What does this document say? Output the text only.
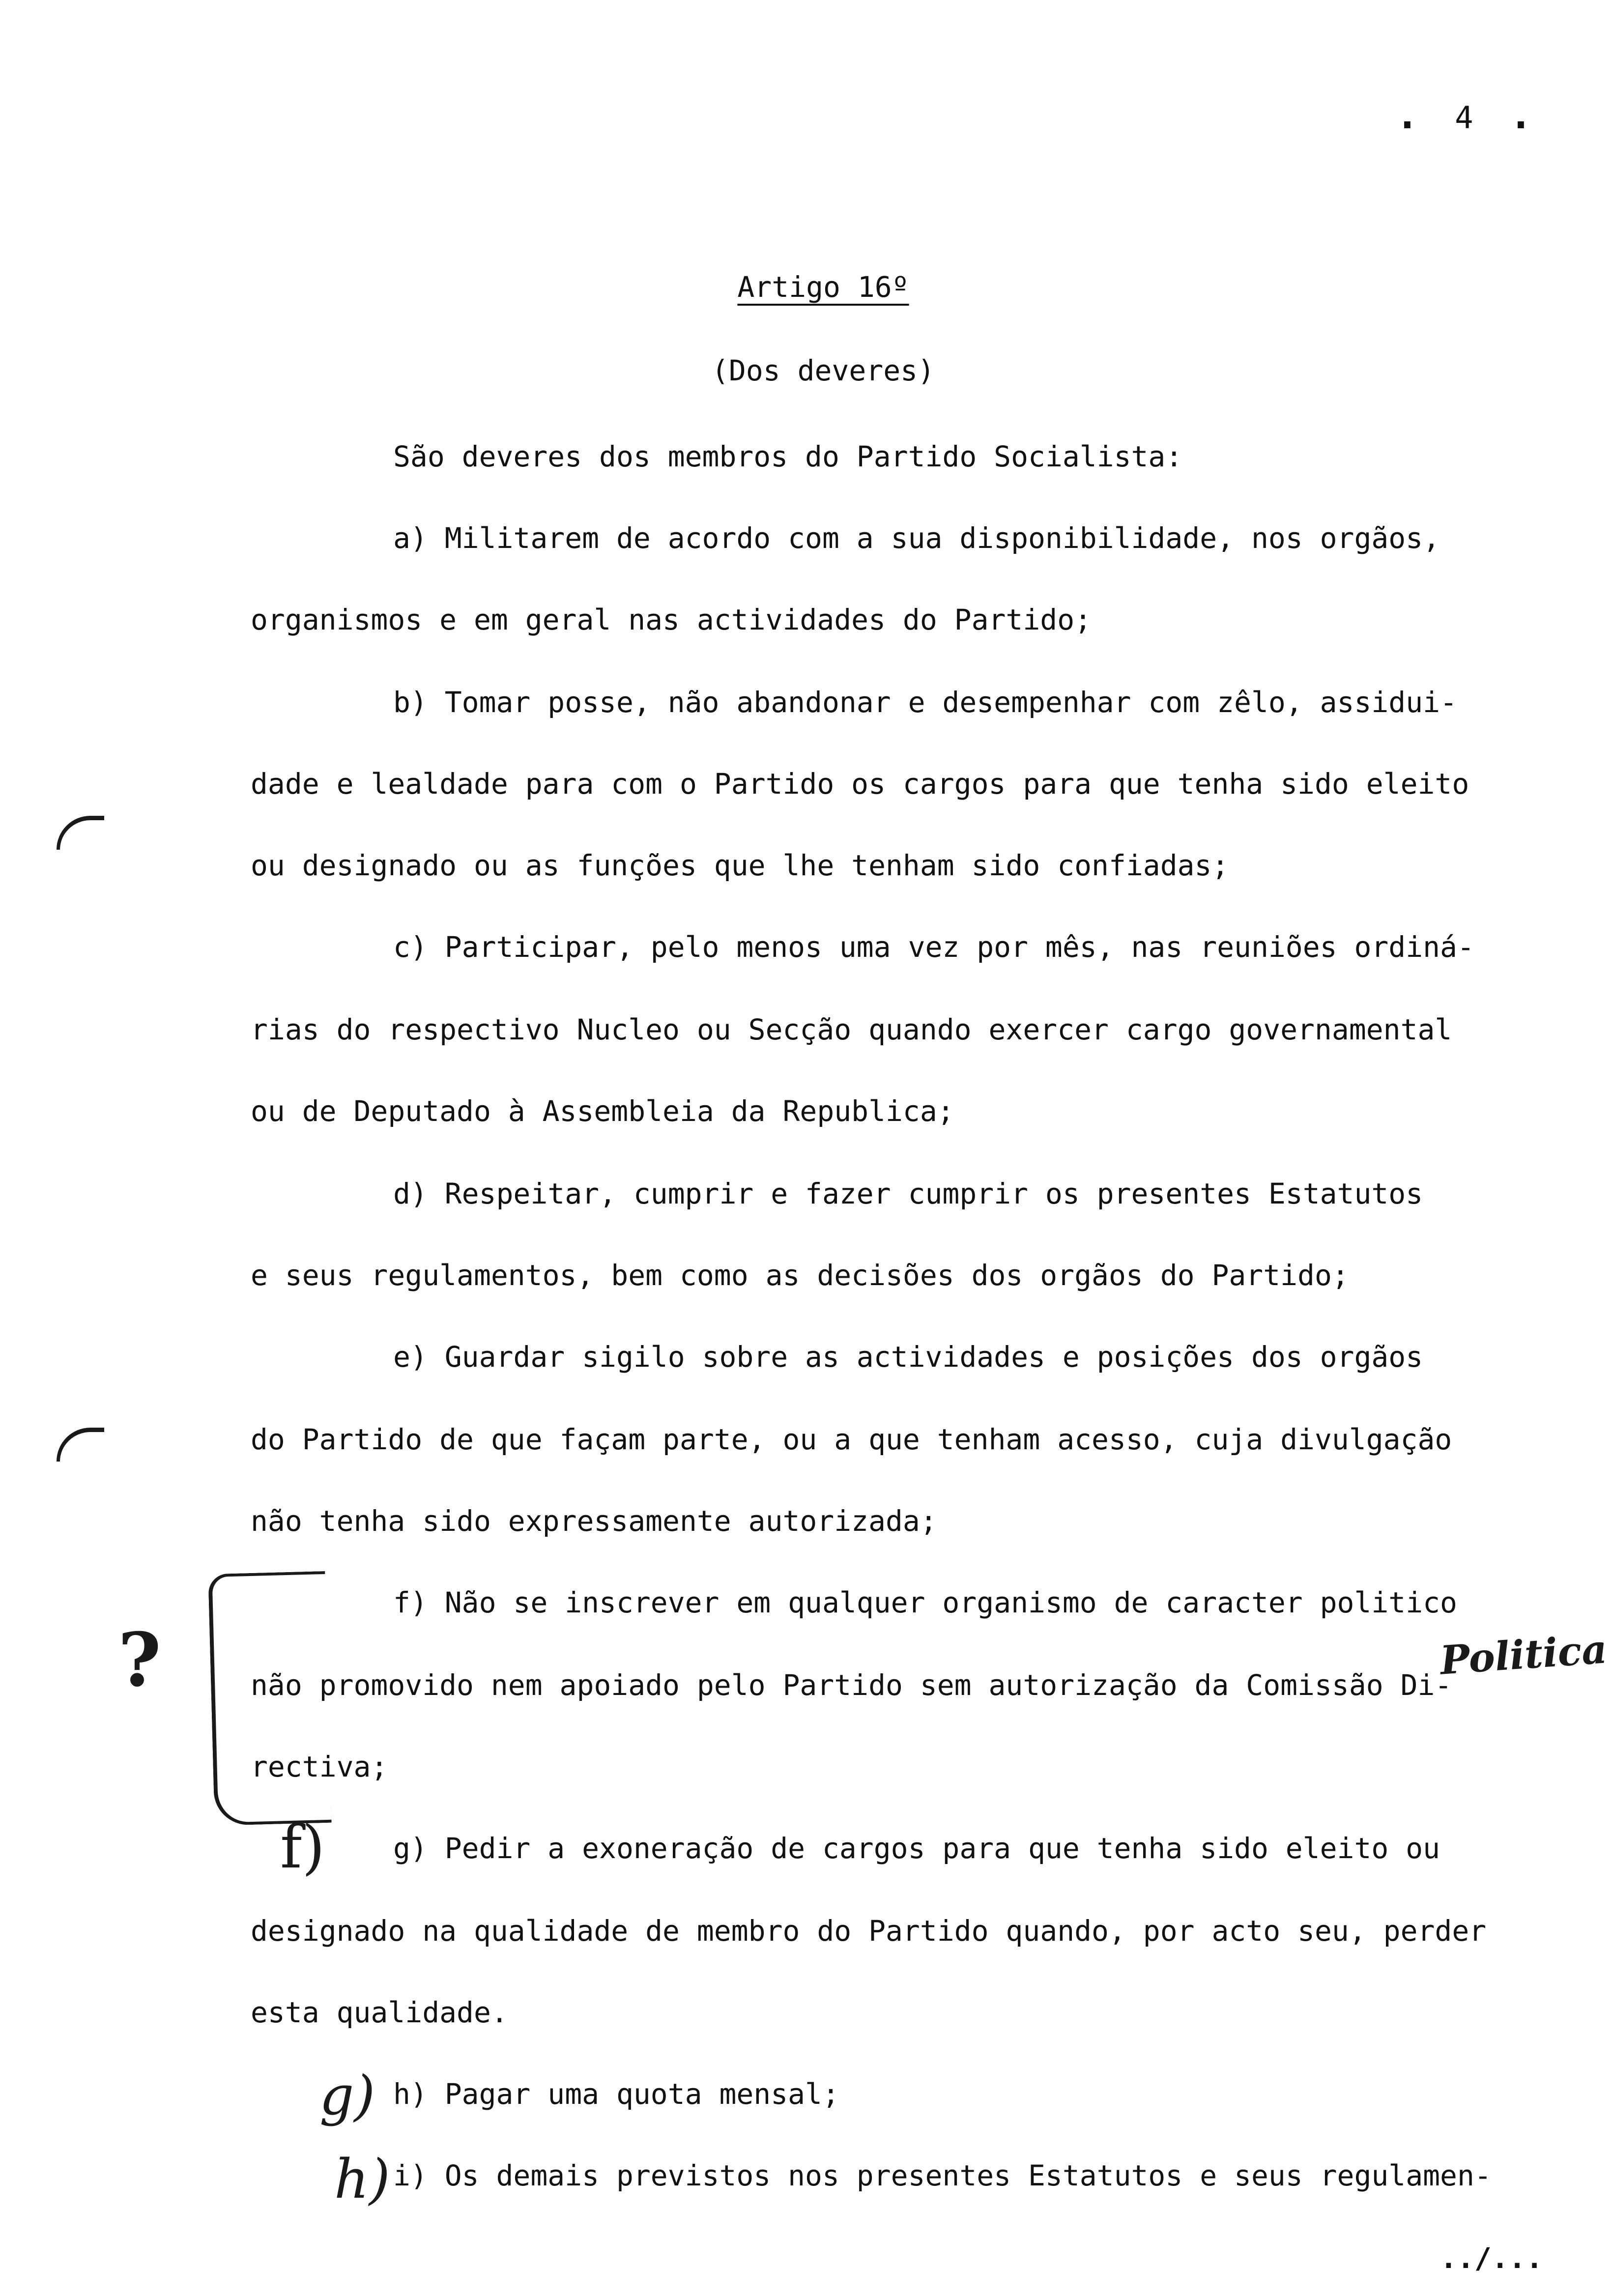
. 4 .
Artigo 16º
(Dos deveres)
São deveres dos membros do Partido Socialista:
a) Militarem de acordo com a sua disponibilidade, nos orgãos,
organismos e em geral nas actividades do Partido;
b) Tomar posse, não abandonar e desempenhar com zêlo, assidui-
dade e lealdade para com o Partido os cargos para que tenha sido eleito
ou designado ou as funções que lhe tenham sido confiadas;
c) Participar, pelo menos uma vez por mês, nas reuniões ordiná-
rias do respectivo Nucleo ou Secção quando exercer cargo governamental
ou de Deputado à Assembleia da Republica;
d) Respeitar, cumprir e fazer cumprir os presentes Estatutos
e seus regulamentos, bem como as decisões dos orgãos do Partido;
e) Guardar sigilo sobre as actividades e posições dos orgãos
do Partido de que façam parte, ou a que tenham acesso, cuja divulgação
não tenha sido expressamente autorizada;
f) Não se inscrever em qualquer organismo de caracter politico
não promovido nem apoiado pelo Partido sem autorização da Comissão Di-
rectiva;
g) Pedir a exoneração de cargos para que tenha sido eleito ou
designado na qualidade de membro do Partido quando, por acto seu, perder
esta qualidade.
h) Pagar uma quota mensal;
i) Os demais previstos nos presentes Estatutos e seus regulamen-
../...
?	Politica
f)
g)
h)
